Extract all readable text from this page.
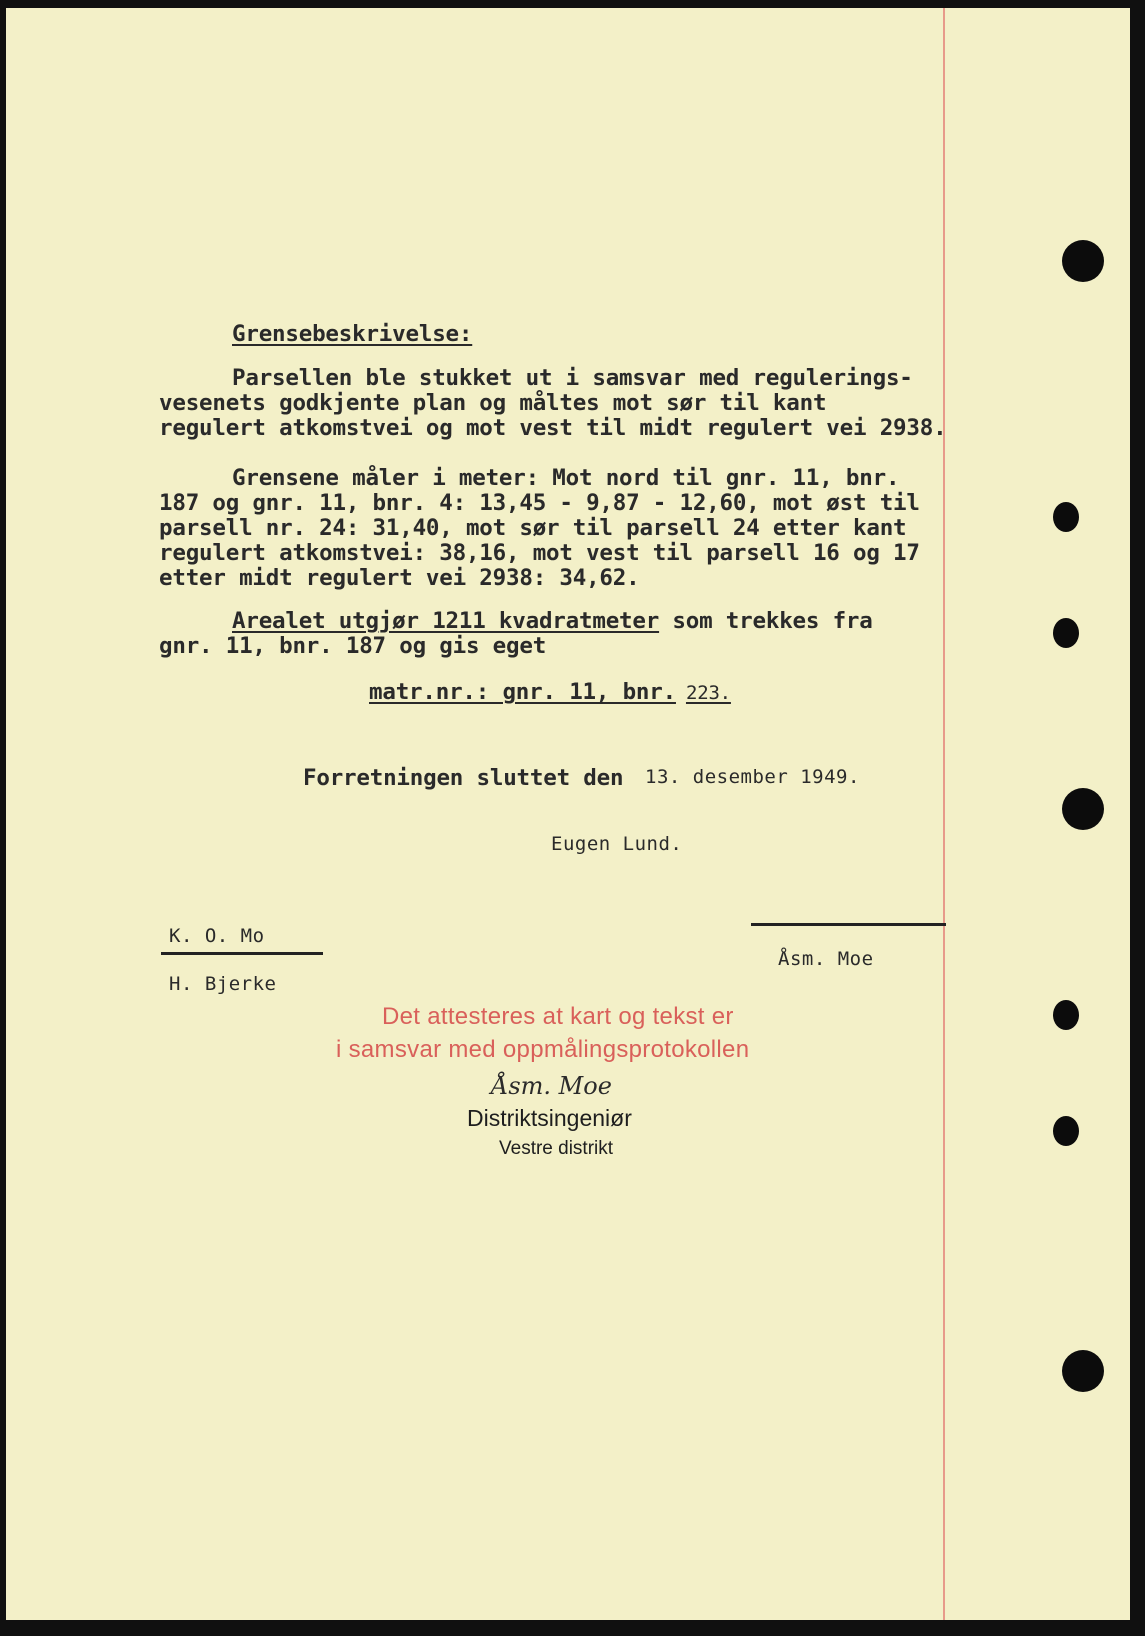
Grensebeskrivelse:
Parsellen ble stukket ut i samsvar med regulerings-
vesenets godkjente plan og måltes mot sør til kant
regulert atkomstvei og mot vest til midt regulert vei 2938.
Grensene måler i meter: Mot nord til gnr. 11, bnr.
187 og gnr. 11, bnr. 4: 13,45 - 9,87 - 12,60, mot øst til
parsell nr. 24: 31,40, mot sør til parsell 24 etter kant
regulert atkomstvei: 38,16, mot vest til parsell 16 og 17
etter midt regulert vei 2938: 34,62.
Arealet utgjør 1211 kvadratmeter som trekkes fra
gnr. 11, bnr. 187 og gis eget
matr.nr.: gnr. 11, bnr. 223.
Forretningen sluttet den 13. desember 1949.
Eugen Lund.
K. O. Mo
H. Bjerke
Åsm. Moe
Det attesteres at kart og tekst er
i samsvar med oppmålingsprotokollen
Åsm. Moe
Distriktsingeniør
Vestre distrikt
